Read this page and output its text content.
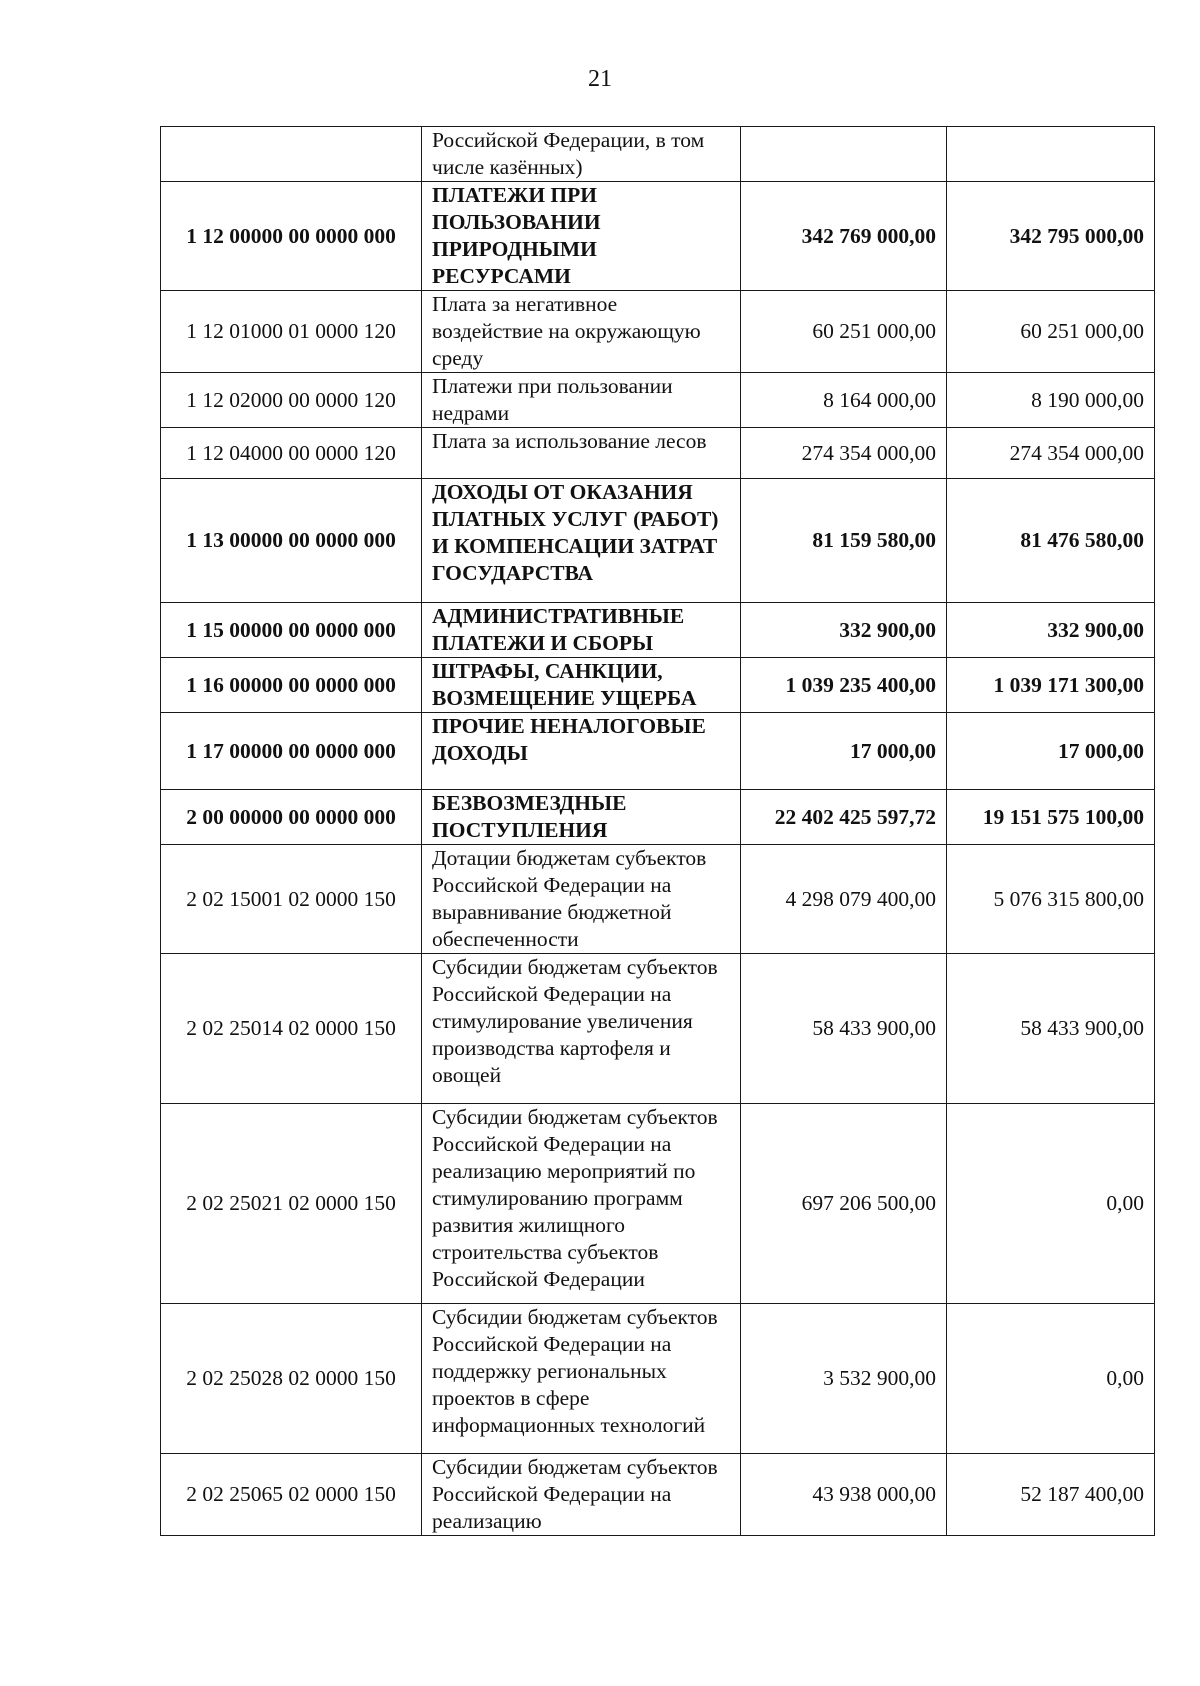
21
	Российской Федерации, в том числе казённых)		
1 12 00000 00 0000 000	ПЛАТЕЖИ ПРИ ПОЛЬЗОВАНИИ ПРИРОДНЫМИ РЕСУРСАМИ	342 769 000,00	342 795 000,00
1 12 01000 01 0000 120	Плата за негативное воздействие на окружающую среду	60 251 000,00	60 251 000,00
1 12 02000 00 0000 120	Платежи при пользовании недрами	8 164 000,00	8 190 000,00
1 12 04000 00 0000 120	Плата за использование лесов	274 354 000,00	274 354 000,00
1 13 00000 00 0000 000	ДОХОДЫ ОТ ОКАЗАНИЯ ПЛАТНЫХ УСЛУГ (РАБОТ) И КОМПЕНСАЦИИ ЗАТРАТ ГОСУДАРСТВА	81 159 580,00	81 476 580,00
1 15 00000 00 0000 000	АДМИНИСТРАТИВНЫЕ ПЛАТЕЖИ И СБОРЫ	332 900,00	332 900,00
1 16 00000 00 0000 000	ШТРАФЫ, САНКЦИИ, ВОЗМЕЩЕНИЕ УЩЕРБА	1 039 235 400,00	1 039 171 300,00
1 17 00000 00 0000 000	ПРОЧИЕ НЕНАЛОГОВЫЕ ДОХОДЫ	17 000,00	17 000,00
2 00 00000 00 0000 000	БЕЗВОЗМЕЗДНЫЕ ПОСТУПЛЕНИЯ	22 402 425 597,72	19 151 575 100,00
2 02 15001 02 0000 150	Дотации бюджетам субъектов Российской Федерации на выравнивание бюджетной обеспеченности	4 298 079 400,00	5 076 315 800,00
2 02 25014 02 0000 150	Субсидии бюджетам субъектов Российской Федерации на стимулирование увеличения производства картофеля и овощей	58 433 900,00	58 433 900,00
2 02 25021 02 0000 150	Субсидии бюджетам субъектов Российской Федерации на реализацию мероприятий по стимулированию программ развития жилищного строительства субъектов Российской Федерации	697 206 500,00	0,00
2 02 25028 02 0000 150	Субсидии бюджетам субъектов Российской Федерации на поддержку региональных проектов в сфере информационных технологий	3 532 900,00	0,00
2 02 25065 02 0000 150	Субсидии бюджетам субъектов Российской Федерации на реализацию	43 938 000,00	52 187 400,00
